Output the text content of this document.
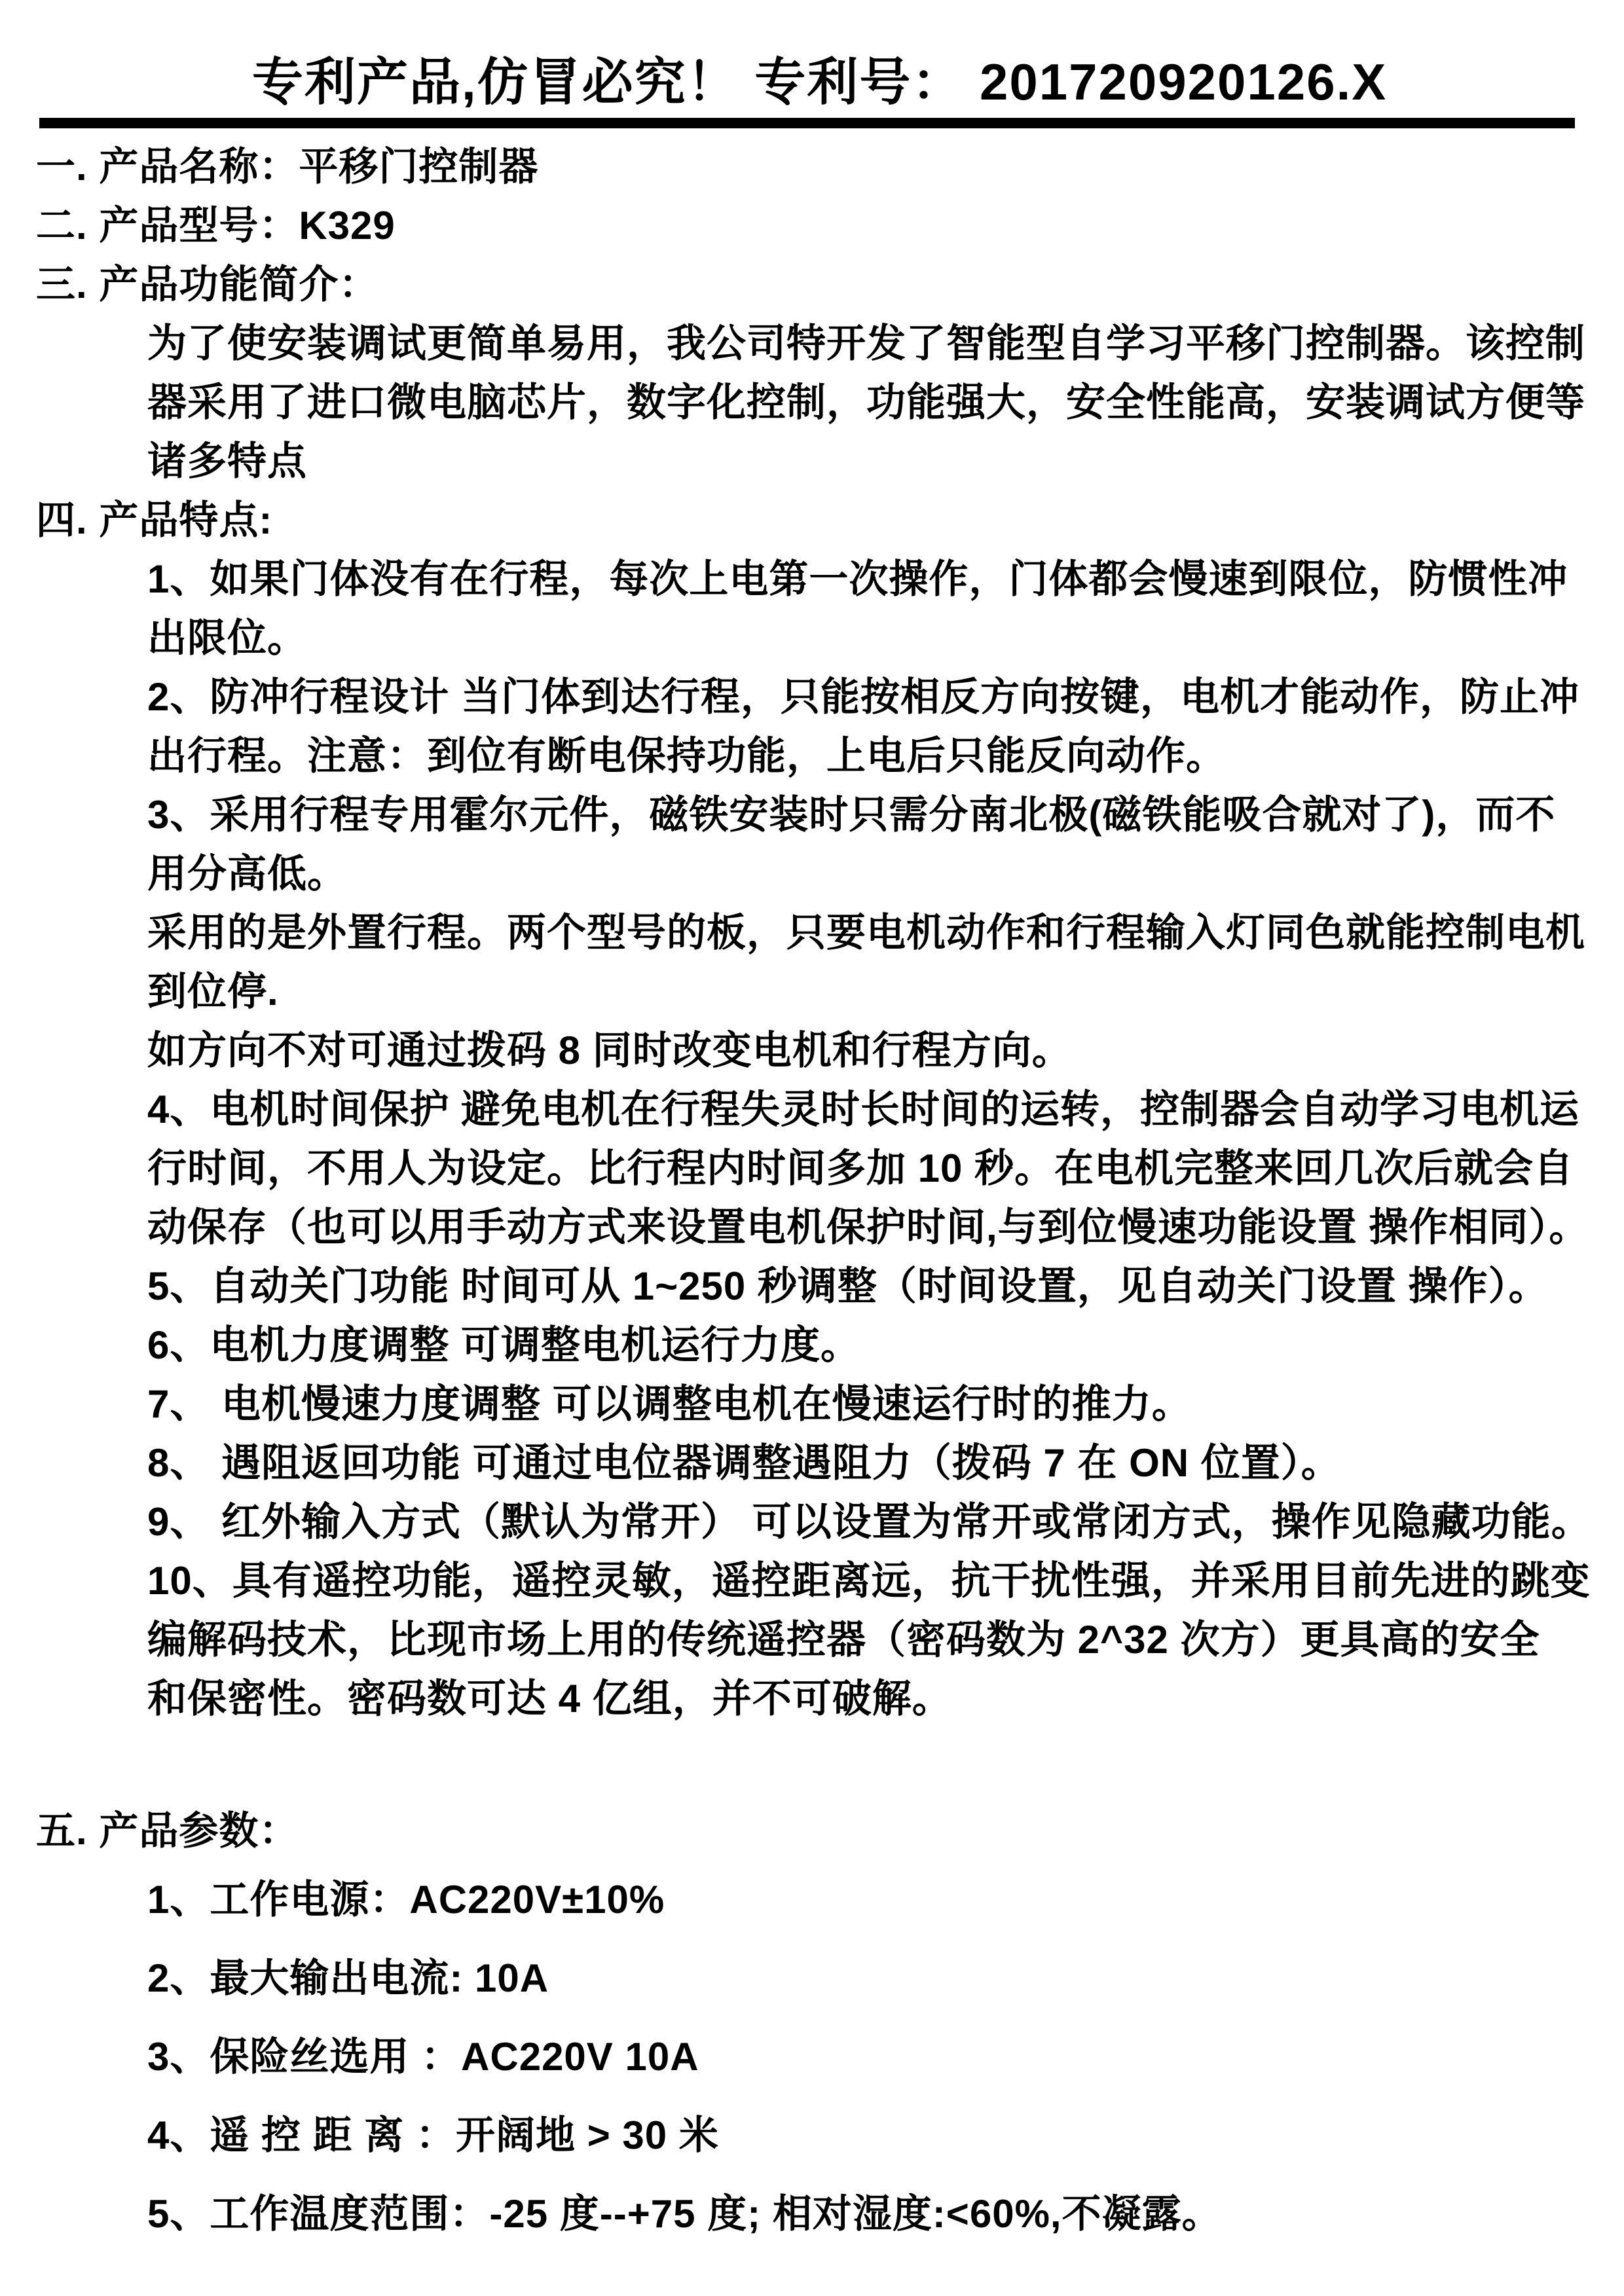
专利产品,仿冒必究！ 专利号： 201720920126.X
一. 产品名称：平移门控制器
二. 产品型号：K329
三. 产品功能简介：
为了使安装调试更简单易用，我公司特开发了智能型自学习平移门控制器。该控制
器采用了进口微电脑芯片，数字化控制，功能强大，安全性能高，安装调试方便等
诸多特点
四. 产品特点:
1、如果门体没有在行程，每次上电第一次操作，门体都会慢速到限位，防惯性冲
出限位。
2、防冲行程设计 当门体到达行程，只能按相反方向按键，电机才能动作，防止冲
出行程。注意：到位有断电保持功能，上电后只能反向动作。
3、采用行程专用霍尔元件，磁铁安装时只需分南北极(磁铁能吸合就对了)，而不
用分高低。
采用的是外置行程。两个型号的板，只要电机动作和行程输入灯同色就能控制电机
到位停.
如方向不对可通过拨码 8 同时改变电机和行程方向。
4、电机时间保护 避免电机在行程失灵时长时间的运转，控制器会自动学习电机运
行时间，不用人为设定。比行程内时间多加 10 秒。在电机完整来回几次后就会自
动保存（也可以用手动方式来设置电机保护时间,与到位慢速功能设置 操作相同）。
5、自动关门功能 时间可从 1~250 秒调整（时间设置，见自动关门设置 操作）。
6、电机力度调整 可调整电机运行力度。
7、 电机慢速力度调整 可以调整电机在慢速运行时的推力。
8、 遇阻返回功能 可通过电位器调整遇阻力（拨码 7 在 ON 位置）。
9、 红外输入方式（默认为常开） 可以设置为常开或常闭方式，操作见隐藏功能。
10、具有遥控功能，遥控灵敏，遥控距离远，抗干扰性强，并采用目前先进的跳变
编解码技术，比现市场上用的传统遥控器（密码数为 2^32 次方）更具高的安全
和保密性。密码数可达 4 亿组，并不可破解。
五. 产品参数：
1、工作电源：AC220V±10%
2、最大输出电流: 10A
3、保险丝选用 ：AC220V 10A
4、遥 控 距 离 ：开阔地 > 30 米
5、工作温度范围：-25 度--+75 度; 相对湿度:<60%,不凝露。
